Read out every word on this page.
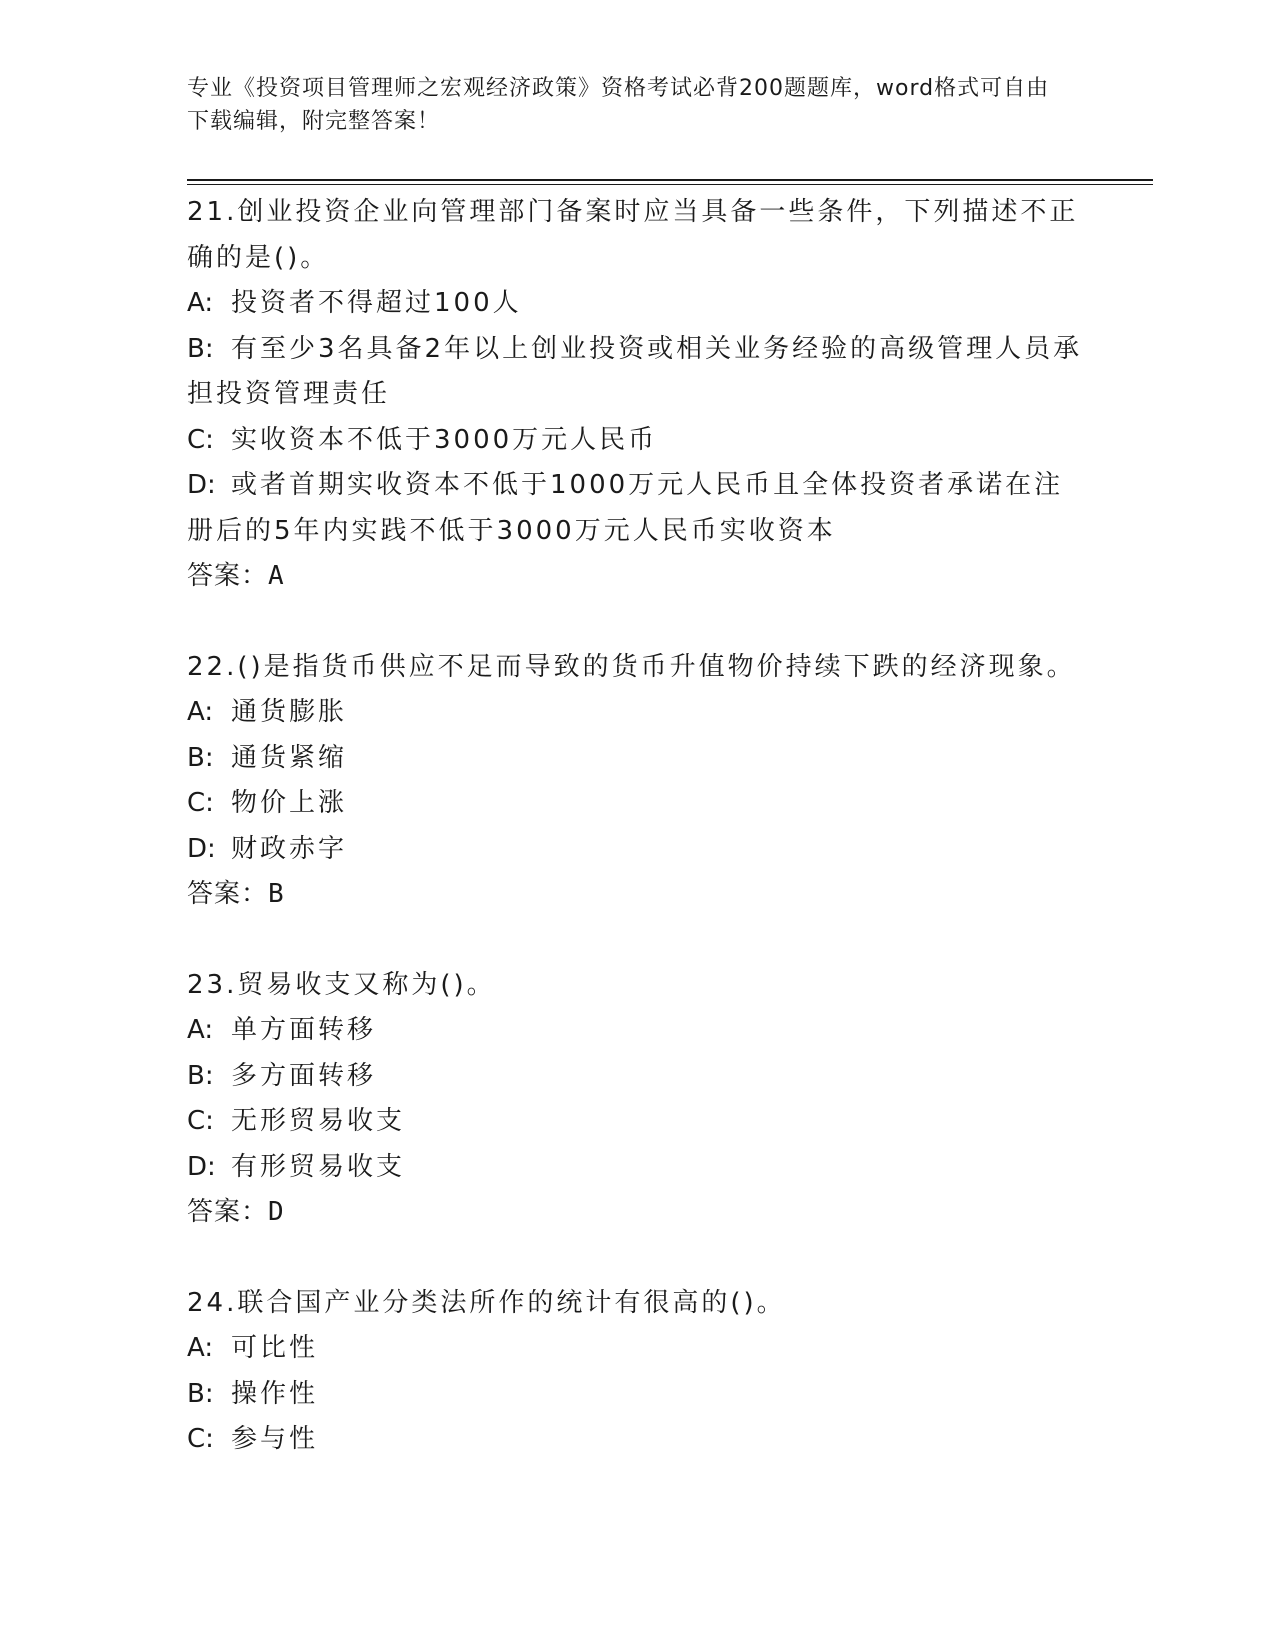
专业《投资项目管理师之宏观经济政策》资格考试必背200题题库，word格式可自由下载编辑，附完整答案！
21.创业投资企业向管理部门备案时应当具备一些条件，下列描述不正确的是()。
A: 投资者不得超过100人
B: 有至少3名具备2年以上创业投资或相关业务经验的高级管理人员承担投资管理责任
C: 实收资本不低于3000万元人民币
D: 或者首期实收资本不低于1000万元人民币且全体投资者承诺在注册后的5年内实践不低于3000万元人民币实收资本
答案：A
22.()是指货币供应不足而导致的货币升值物价持续下跌的经济现象。
A: 通货膨胀
B: 通货紧缩
C: 物价上涨
D: 财政赤字
答案：B
23.贸易收支又称为()。
A: 单方面转移
B: 多方面转移
C: 无形贸易收支
D: 有形贸易收支
答案：D
24.联合国产业分类法所作的统计有很高的()。
A: 可比性
B: 操作性
C: 参与性
